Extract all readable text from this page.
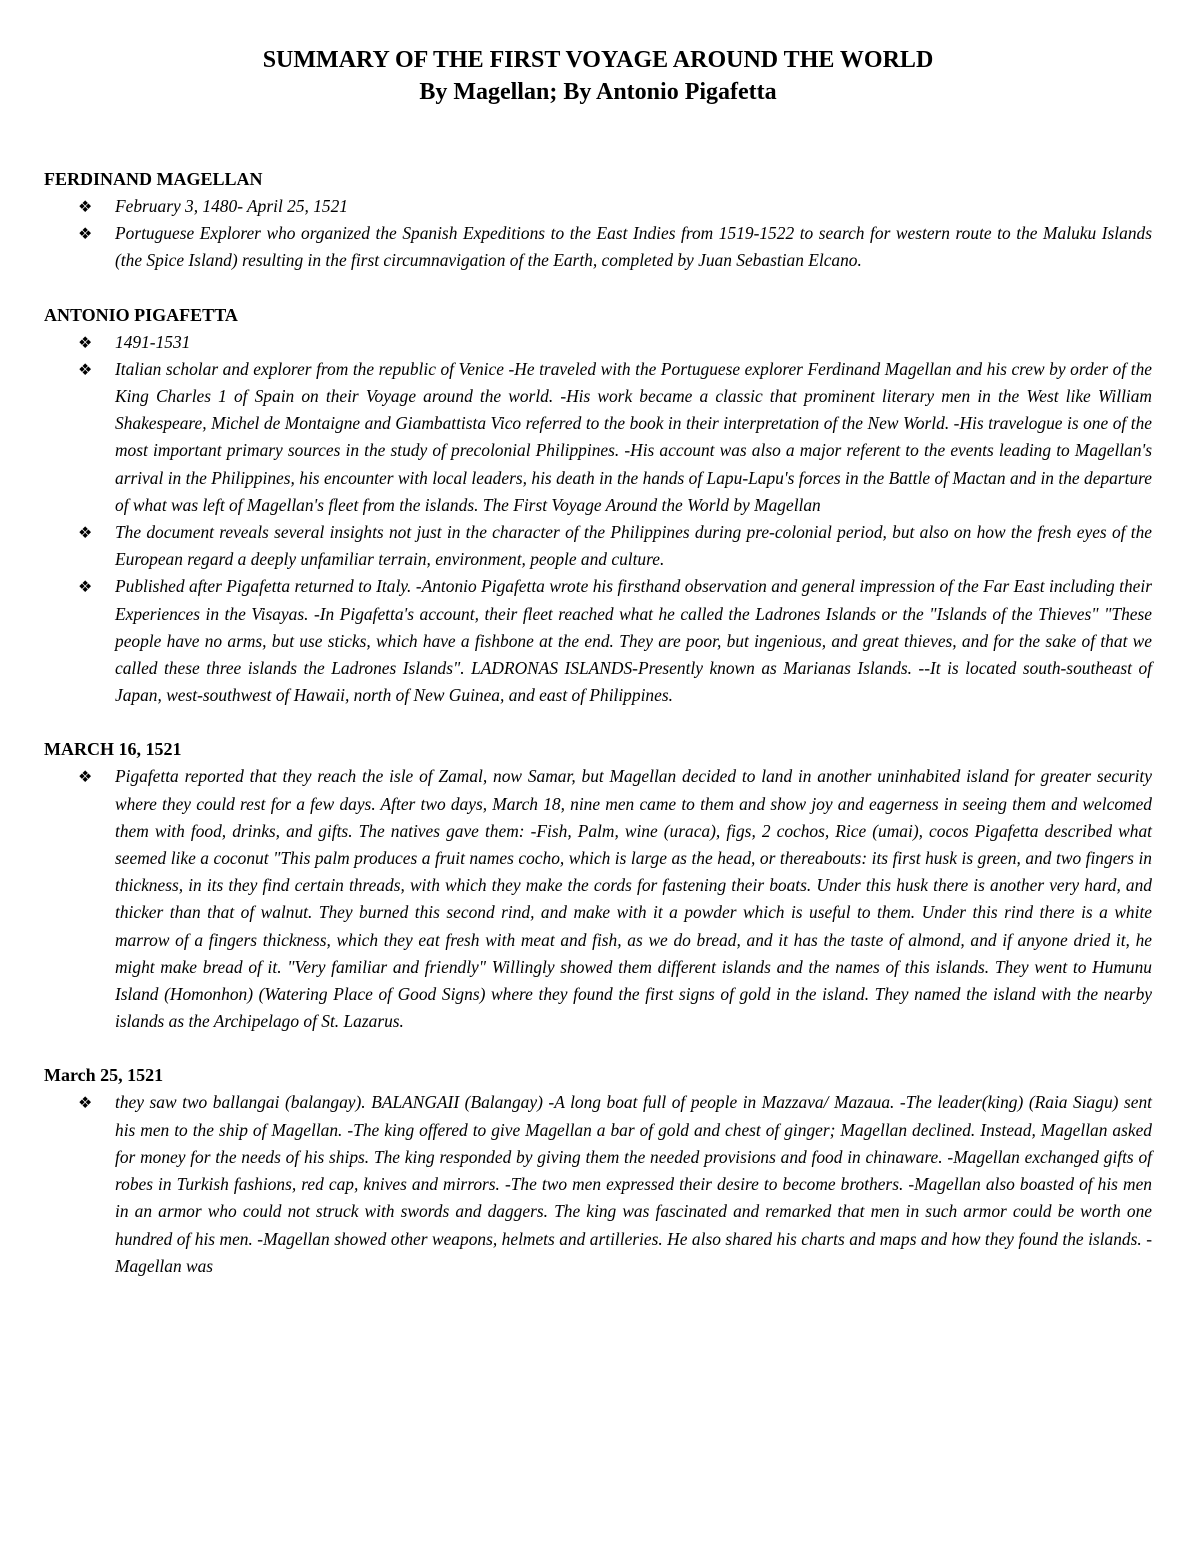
SUMMARY OF THE FIRST VOYAGE AROUND THE WORLD
By Magellan; By Antonio Pigafetta
FERDINAND MAGELLAN
❖ February 3, 1480- April 25, 1521
❖ Portuguese Explorer who organized the Spanish Expeditions to the East Indies from 1519-1522 to search for western route to the Maluku Islands (the Spice Island) resulting in the first circumnavigation of the Earth, completed by Juan Sebastian Elcano.
ANTONIO PIGAFETTA
❖ 1491-1531
❖ Italian scholar and explorer from the republic of Venice -He traveled with the Portuguese explorer Ferdinand Magellan and his crew by order of the King Charles 1 of Spain on their Voyage around the world. -His work became a classic that prominent literary men in the West like William Shakespeare, Michel de Montaigne and Giambattista Vico referred to the book in their interpretation of the New World. -His travelogue is one of the most important primary sources in the study of precolonial Philippines. -His account was also a major referent to the events leading to Magellan's arrival in the Philippines, his encounter with local leaders, his death in the hands of Lapu-Lapu's forces in the Battle of Mactan and in the departure of what was left of Magellan's fleet from the islands. The First Voyage Around the World by Magellan
❖ The document reveals several insights not just in the character of the Philippines during pre-colonial period, but also on how the fresh eyes of the European regard a deeply unfamiliar terrain, environment, people and culture.
❖ Published after Pigafetta returned to Italy. -Antonio Pigafetta wrote his firsthand observation and general impression of the Far East including their Experiences in the Visayas. -In Pigafetta's account, their fleet reached what he called the Ladrones Islands or the "Islands of the Thieves" "These people have no arms, but use sticks, which have a fishbone at the end. They are poor, but ingenious, and great thieves, and for the sake of that we called these three islands the Ladrones Islands". LADRONAS ISLANDS-Presently known as Marianas Islands. --It is located south-southeast of Japan, west-southwest of Hawaii, north of New Guinea, and east of Philippines.
MARCH 16, 1521
❖ Pigafetta reported that they reach the isle of Zamal, now Samar, but Magellan decided to land in another uninhabited island for greater security where they could rest for a few days. After two days, March 18, nine men came to them and show joy and eagerness in seeing them and welcomed them with food, drinks, and gifts. The natives gave them: -Fish, Palm, wine (uraca), figs, 2 cochos, Rice (umai), cocos Pigafetta described what seemed like a coconut "This palm produces a fruit names cocho, which is large as the head, or thereabouts: its first husk is green, and two fingers in thickness, in its they find certain threads, with which they make the cords for fastening their boats. Under this husk there is another very hard, and thicker than that of walnut. They burned this second rind, and make with it a powder which is useful to them. Under this rind there is a white marrow of a fingers thickness, which they eat fresh with meat and fish, as we do bread, and it has the taste of almond, and if anyone dried it, he might make bread of it. "Very familiar and friendly" Willingly showed them different islands and the names of this islands. They went to Humunu Island (Homonhon) (Watering Place of Good Signs) where they found the first signs of gold in the island. They named the island with the nearby islands as the Archipelago of St. Lazarus.
March 25, 1521
❖ they saw two ballangai (balangay). BALANGAII (Balangay) -A long boat full of people in Mazzava/ Mazaua. -The leader(king) (Raia Siagu) sent his men to the ship of Magellan. -The king offered to give Magellan a bar of gold and chest of ginger; Magellan declined. Instead, Magellan asked for money for the needs of his ships. The king responded by giving them the needed provisions and food in chinaware. -Magellan exchanged gifts of robes in Turkish fashions, red cap, knives and mirrors. -The two men expressed their desire to become brothers. -Magellan also boasted of his men in an armor who could not struck with swords and daggers. The king was fascinated and remarked that men in such armor could be worth one hundred of his men. -Magellan showed other weapons, helmets and artilleries. He also shared his charts and maps and how they found the islands. -Magellan was
